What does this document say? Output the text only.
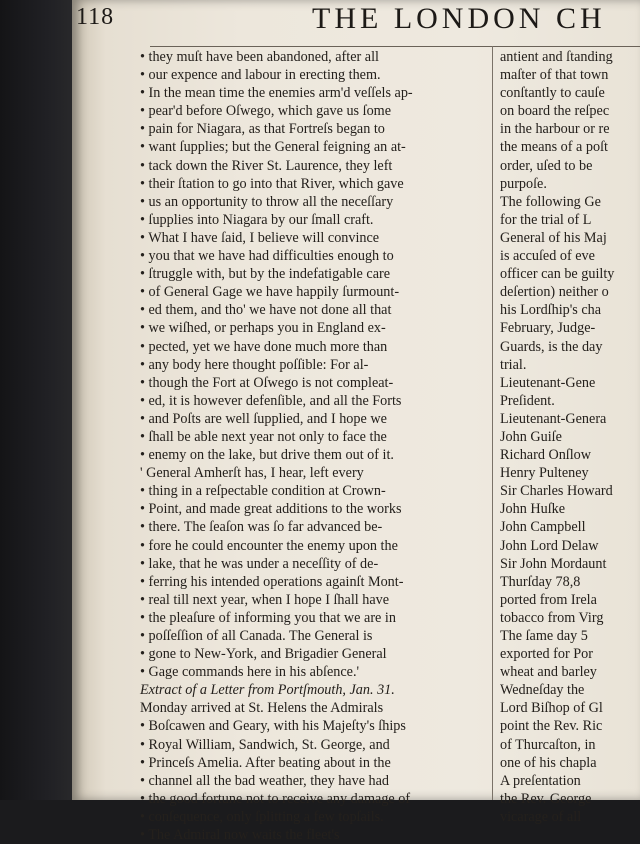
118	THE LONDON CH
• they muſt have been abandoned, after all
• our expence and labour in erecting them.
• In the mean time the enemies arm'd veſſels ap-
• pear'd before Oſwego, which gave us ſome
• pain for Niagara, as that Fortreſs began to
• want ſupplies; but the General feigning an at-
• tack down the River St. Laurence, they left
• their ſtation to go into that River, which gave
• us an opportunity to throw all the neceſſary
• ſupplies into Niagara by our ſmall craft.
• What I have ſaid, I believe will convince
• you that we have had difficulties enough to
• ſtruggle with, but by the indefatigable care
• of General Gage we have happily ſurmount-
• ed them, and tho' we have not done all that
• we wiſhed, or perhaps you in England ex-
• pected, yet we have done much more than
• any body here thought poſſible: For al-
• though the Fort at Oſwego is not compleat-
• ed, it is however defenſible, and all the Forts
• and Poſts are well ſupplied, and I hope we
• ſhall be able next year not only to face the
• enemy on the lake, but drive them out of it.
' General Amherſt has, I hear, left every
• thing in a reſpectable condition at Crown-
• Point, and made great additions to the works
• there. The ſeaſon was ſo far advanced be-
• fore he could encounter the enemy upon the
• lake, that he was under a neceſſity of de-
• ferring his intended operations againſt Mont-
• real till next year, when I hope I ſhall have
• the pleaſure of informing you that we are in
• poſſeſſion of all Canada. The General is
• gone to New-York, and Brigadier General
• Gage commands here in his abſence.'
Extract of a Letter from Portſmouth, Jan. 31.
Monday arrived at St. Helens the Admirals
• Boſcawen and Geary, with his Majeſty's ſhips
• Royal William, Sandwich, St. George, and
• Princeſs Amelia. After beating about in the
• channel all the bad weather, they have had
• the good fortune not to receive any damage of
• conſequence, only ſplitting a few topſails.
• The Admiral now waits the fleet's
antient and ſtanding
maſter of that town
conſtantly to cauſe
on board the reſpec
in the harbour or re
the means of a poſt
order, uſed to be
purpoſe.
The following Ge
for the trial of L
General of his Maj
is accuſed of eve
officer can be guilty
deſertion) neither o
his Lordſhip's cha
February, Judge-
Guards, is the day
trial.
Lieutenant-Gene
Preſident.
Lieutenant-Genera
John Guiſe
Richard Onſlow
Henry Pulteney
Sir Charles Howard
John Huſke
John Campbell
John Lord Delaw
Sir John Mordaunt
Thurſday 78,8
ported from Irela
tobacco from Virg
The ſame day 5
exported for Por
wheat and barley
Wedneſday the
Lord Biſhop of Gl
point the Rev. Ric
of Thurcaſton, in
one of his chapla
A preſentation
the Rev. George
vicarage of all
